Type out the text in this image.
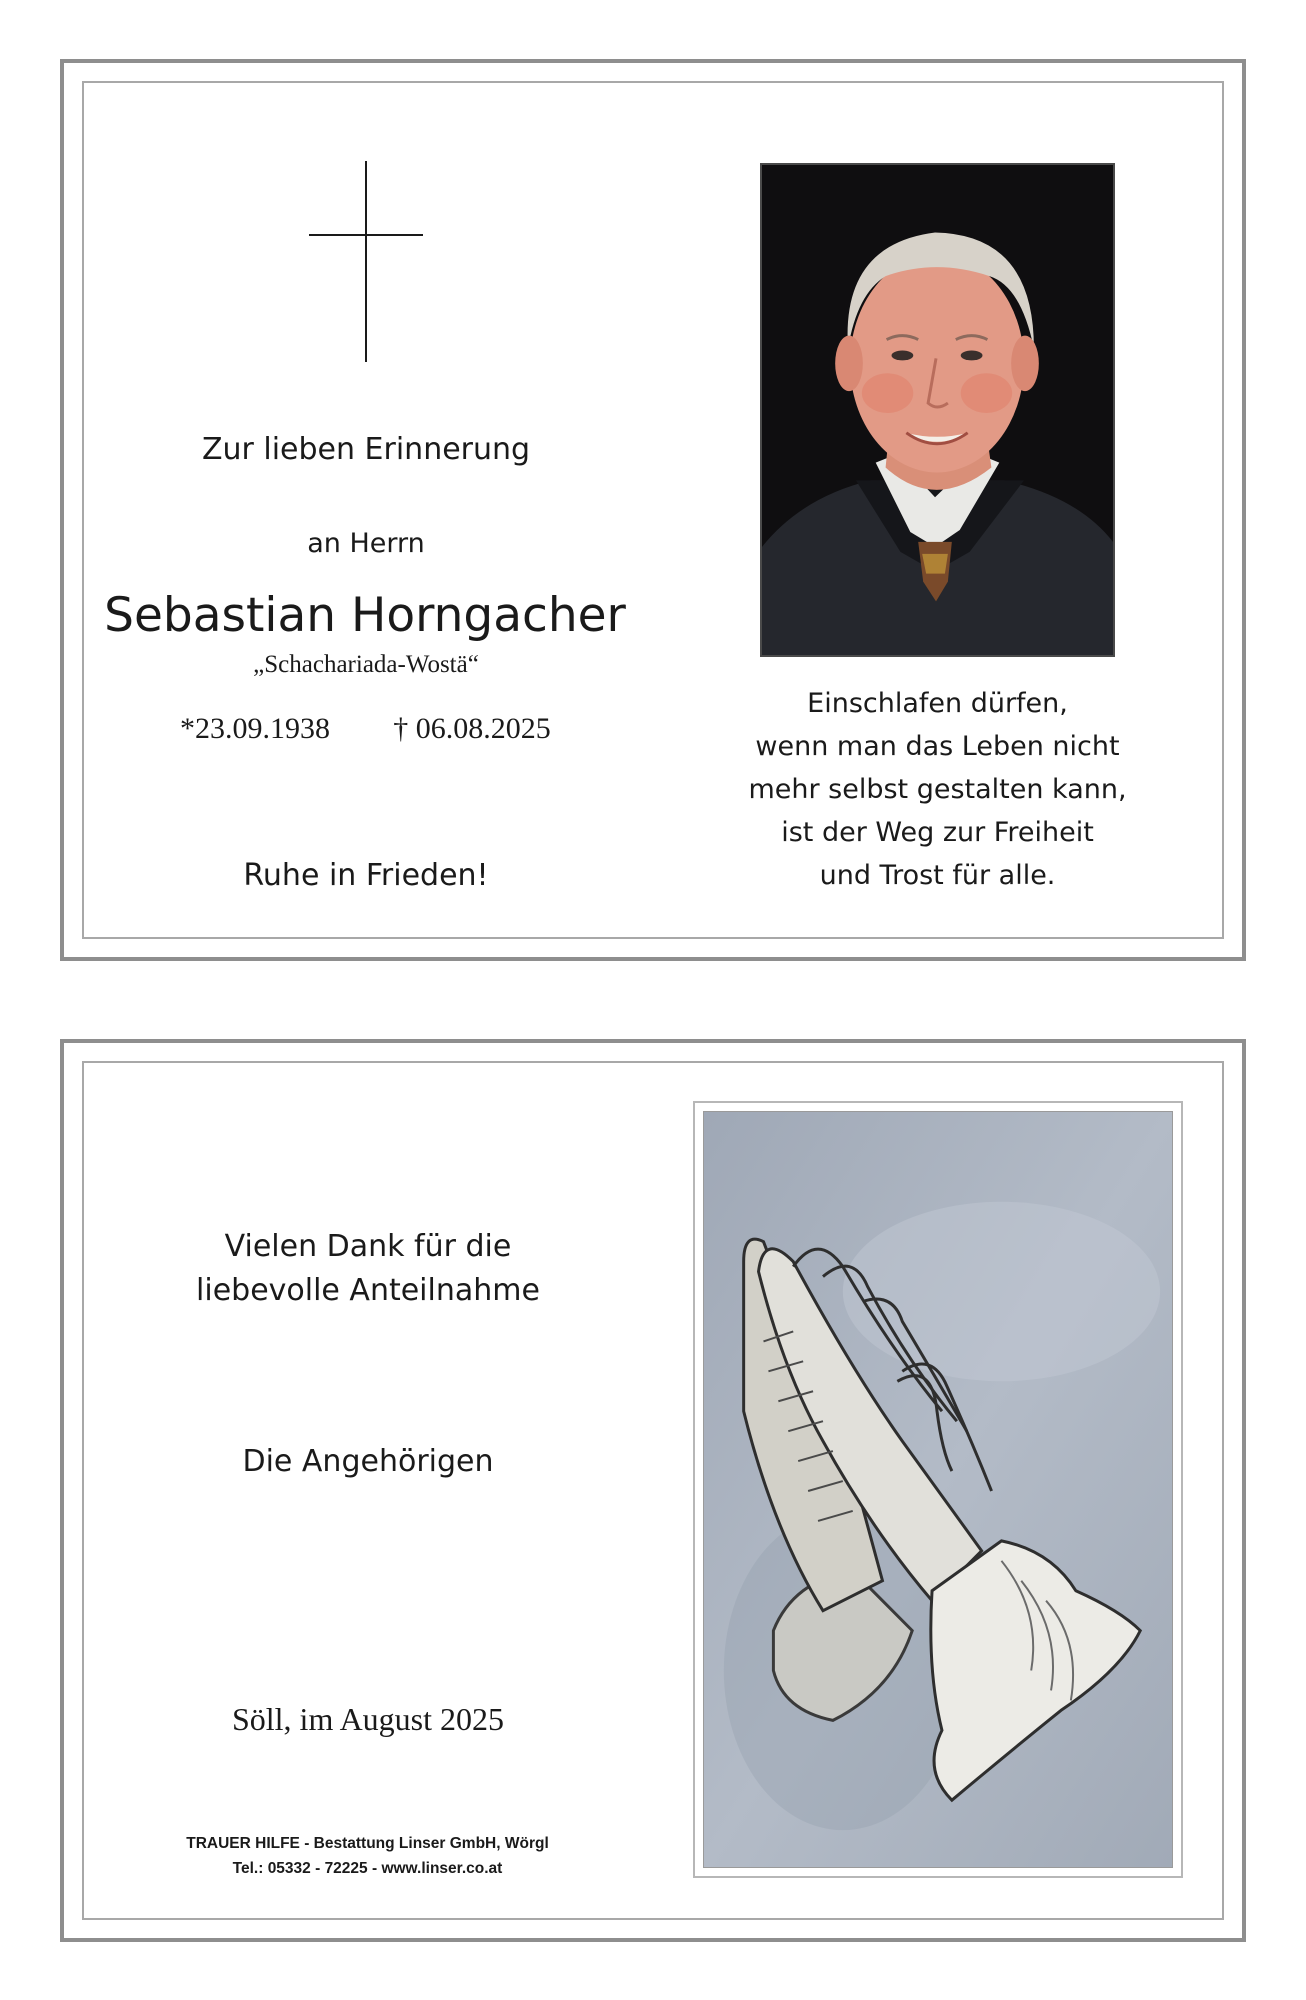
Zur lieben Erinnerung
an Herrn
Sebastian Horngacher
„Schachariada-Wostä“
*23.09.1938	† 06.08.2025
Ruhe in Frieden!
Einschlafen dürfen,
wenn man das Leben nicht
mehr selbst gestalten kann,
ist der Weg zur Freiheit
und Trost für alle.
Vielen Dank für die
liebevolle Anteilnahme
Die Angehörigen
Söll, im August 2025
TRAUER HILFE - Bestattung Linser GmbH, Wörgl
Tel.: 05332 - 72225 - www.linser.co.at
